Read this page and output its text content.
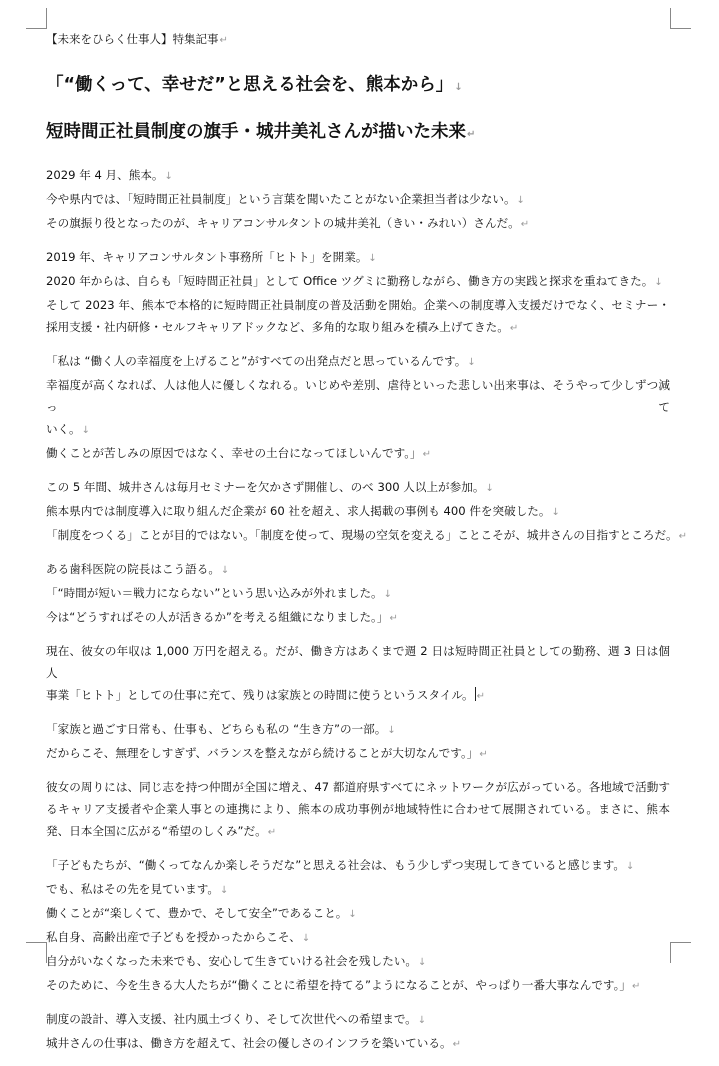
【未来をひらく仕事人】特集記事↵
「“働くって、幸せだ”と思える社会を、熊本から」↓
短時間正社員制度の旗手・城井美礼さんが描いた未来↵
2029 年 4 月、熊本。↓
今や県内では、「短時間正社員制度」という言葉を聞いたことがない企業担当者は少ない。↓
その旗振り役となったのが、キャリアコンサルタントの城井美礼（きい・みれい）さんだ。↵
2019 年、キャリアコンサルタント事務所「ヒトト」を開業。↓
2020 年からは、自らも「短時間正社員」として Office ツグミに勤務しながら、働き方の実践と探求を重ねてきた。↓
そして 2023 年、熊本で本格的に短時間正社員制度の普及活動を開始。企業への制度導入支援だけでなく、セミナー・
採用支援・社内研修・セルフキャリアドックなど、多角的な取り組みを積み上げてきた。↵
「私は “働く人の幸福度を上げること”がすべての出発点だと思っているんです。↓
幸福度が高くなれば、人は他人に優しくなれる。いじめや差別、虐待といった悲しい出来事は、そうやって少しずつ減って
いく。↓
働くことが苦しみの原因ではなく、幸せの土台になってほしいんです。」↵
この 5 年間、城井さんは毎月セミナーを欠かさず開催し、のべ 300 人以上が参加。↓
熊本県内では制度導入に取り組んだ企業が 60 社を超え、求人掲載の事例も 400 件を突破した。↓
「制度をつくる」ことが目的ではない。「制度を使って、現場の空気を変える」ことこそが、城井さんの目指すところだ。↵
ある歯科医院の院長はこう語る。↓
「“時間が短い＝戦力にならない”という思い込みが外れました。↓
今は“どうすればその人が活きるか”を考える組織になりました。」↵
現在、彼女の年収は 1,000 万円を超える。だが、働き方はあくまで週 2 日は短時間正社員としての勤務、週 3 日は個人
事業「ヒトト」としての仕事に充て、残りは家族との時間に使うというスタイル。 ↵
「家族と過ごす日常も、仕事も、どちらも私の “生き方”の一部。↓
だからこそ、無理をしすぎず、バランスを整えながら続けることが大切なんです。」↵
彼女の周りには、同じ志を持つ仲間が全国に増え、47 都道府県すべてにネットワークが広がっている。各地域で活動す
るキャリア支援者や企業人事との連携により、熊本の成功事例が地域特性に合わせて展開されている。まさに、熊本
発、日本全国に広がる“希望のしくみ”だ。↵
「子どもたちが、“働くってなんか楽しそうだな”と思える社会は、もう少しずつ実現してきていると感じます。↓
でも、私はその先を見ています。↓
働くことが“楽しくて、豊かで、そして安全”であること。↓
私自身、高齢出産で子どもを授かったからこそ、↓
自分がいなくなった未来でも、安心して生きていける社会を残したい。↓
そのために、今を生きる大人たちが“働くことに希望を持てる”ようになることが、やっぱり一番大事なんです。」↵
制度の設計、導入支援、社内風土づくり、そして次世代への希望まで。↓
城井さんの仕事は、働き方を超えて、社会の優しさのインフラを築いている。↵
